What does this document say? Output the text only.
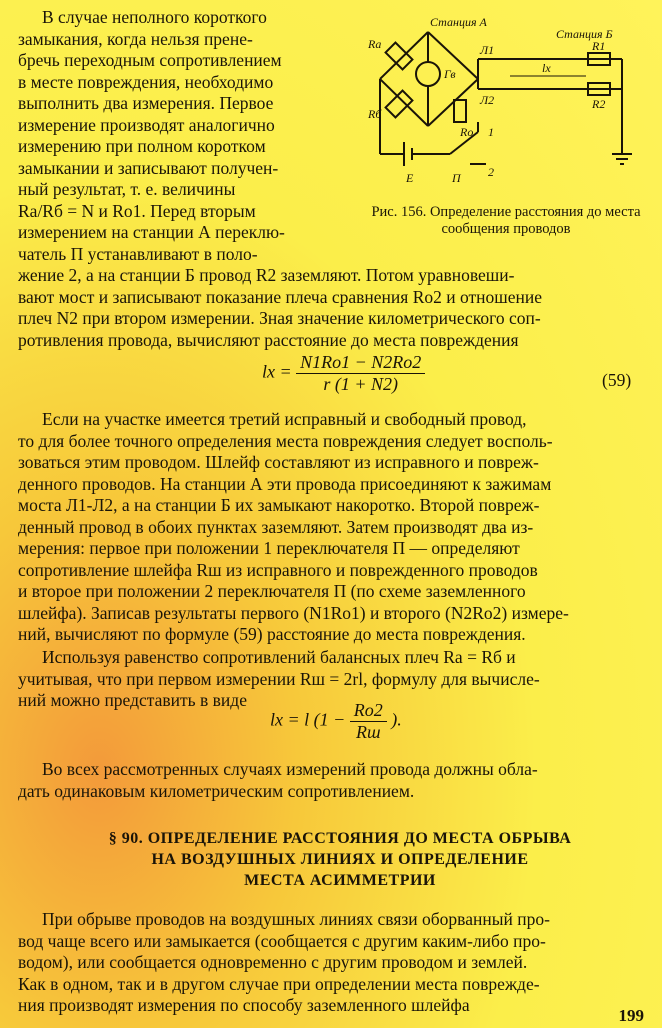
Станция А
Станция Б
Rа
Rб
Rо
Гв
Л1
Л2
R1
R2
lx
Е	П
1
2
Рис. 156. Определение расстояния до места сообщения проводов
В случае неполного короткого
замыкания, когда нельзя прене-
бречь переходным сопротивлением
в месте повреждения, необходимо
выполнить два измерения. Первое
измерение производят аналогично
измерению при полном коротком
замыкании и записывают получен-
ный результат, т. е. величины
Rа/Rб = N и Rо1. Перед вторым
измерением на станции А переклю-
чатель П устанавливают в поло-
жение 2, а на станции Б провод R2 заземляют. Потом уравновеши-
вают мост и записывают показание плеча сравнения Rо2 и отношение
плеч N2 при втором измерении. Зная значение километрического соп-
ротивления провода, вычисляют расстояние до места повреждения
lx = $\frac{N1Rо1 - N2Rо2}{r (1 + N2)}$	(59)
Если на участке имеется третий исправный и свободный провод,
то для более точного определения места повреждения следует восполь-
зоваться этим проводом. Шлейф составляют из исправного и повреж-
денного проводов. На станции А эти провода присоединяют к зажимам
моста Л1-Л2, а на станции Б их замыкают накоротко. Второй повреж-
денный провод в обоих пунктах заземляют. Затем производят два из-
мерения: первое при положении 1 переключателя П — определяют
сопротивление шлейфа Rш из исправного и поврежденного проводов
и второе при положении 2 переключателя П (по схеме заземленного
шлейфа). Записав результаты первого (N1Rо1) и второго (N2Rо2) измере-
ний, вычисляют по формуле (59) расстояние до места повреждения.
Используя равенство сопротивлений балансных плеч Rа = Rб и
учитывая, что при первом измерении Rш = 2rl, формулу для вычисле-
ний можно представить в виде
lx = l ($1 - \frac{Rо2}{Rш}$ ).
Во всех рассмотренных случаях измерений провода должны обла-
дать одинаковым километрическим сопротивлением.
§ 90. ОПРЕДЕЛЕНИЕ РАССТОЯНИЯ ДО МЕСТА ОБРЫВА
НА ВОЗДУШНЫХ ЛИНИЯХ И ОПРЕДЕЛЕНИЕ
МЕСТА АСИММЕТРИИ
При обрыве проводов на воздушных линиях связи оборванный про-
вод чаще всего или замыкается (сообщается с другим каким-либо про-
водом), или сообщается одновременно с другим проводом и землей.
Как в одном, так и в другом случае при определении места поврежде-
ния производят измерения по способу заземленного шлейфа
199
